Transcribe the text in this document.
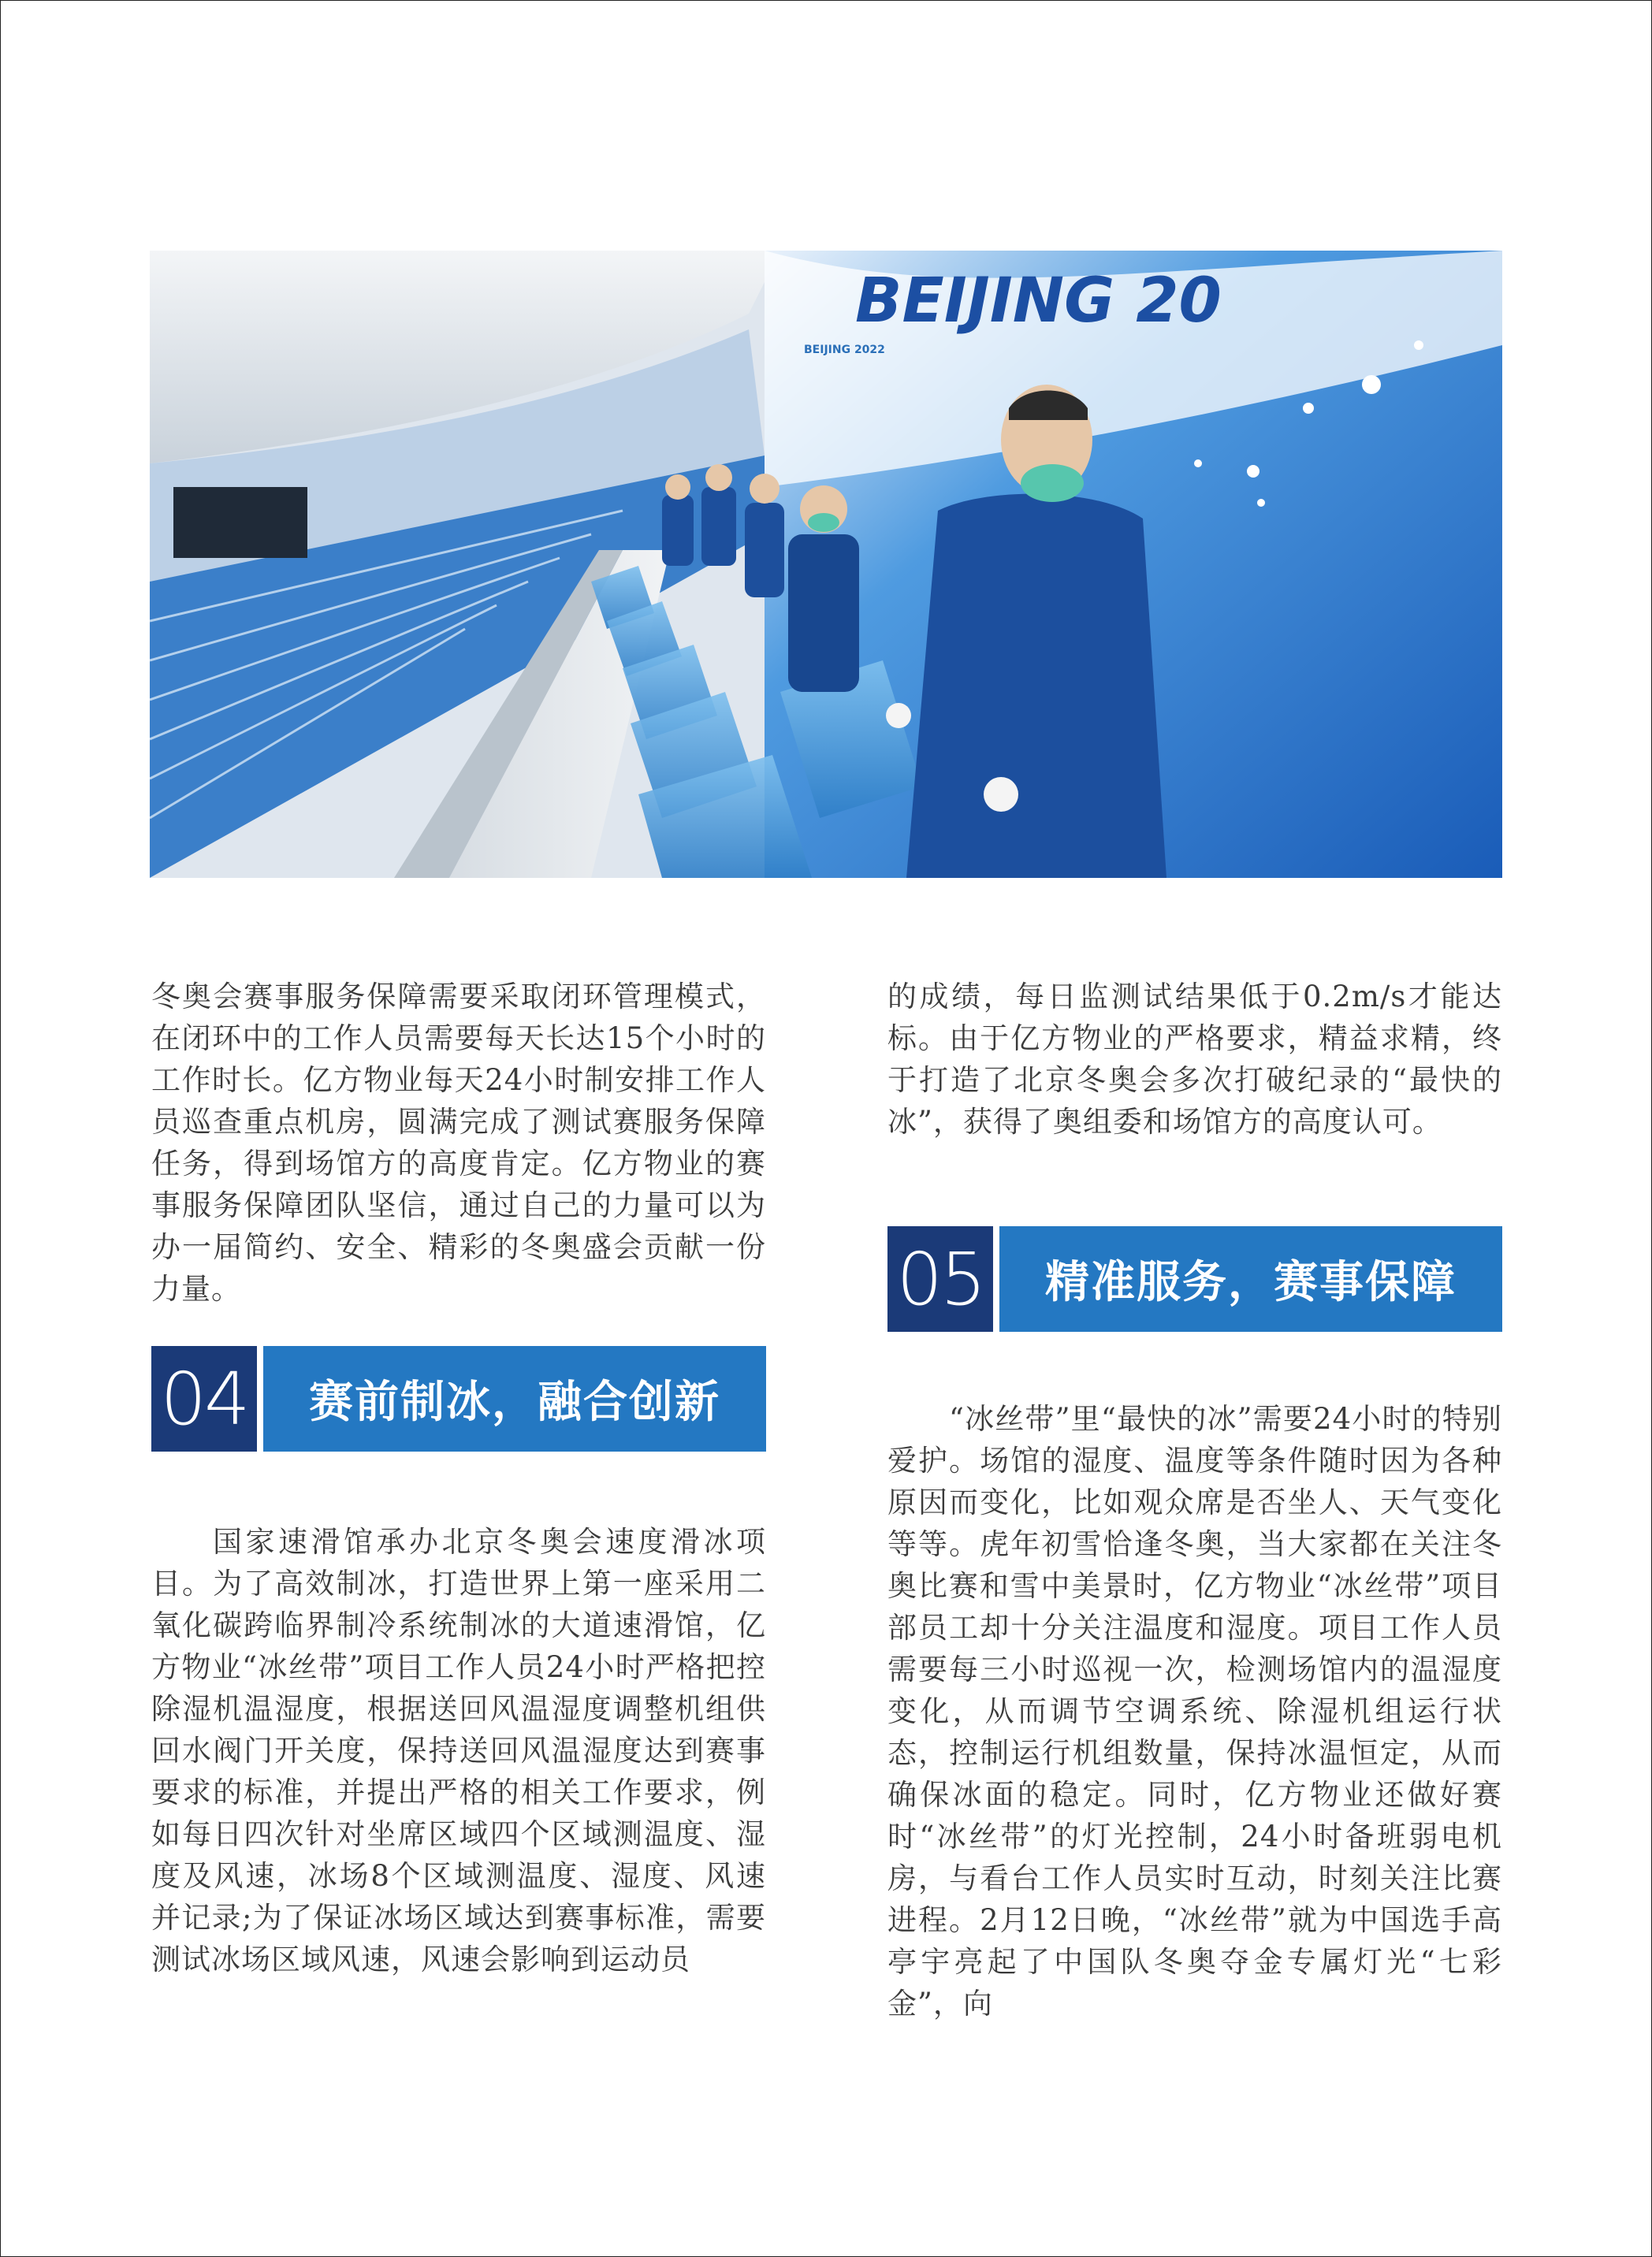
BEIJING 20
BEIJING 2022

冬奥会赛事服务保障需要采取闭环管理模式，在闭环中的工作人员需要每天长达15个小时的工作时长。亿方物业每天24小时制安排工作人员巡查重点机房，圆满完成了测试赛服务保障任务，得到场馆方的高度肯定。亿方物业的赛事服务保障团队坚信，通过自己的力量可以为办一届简约、安全、精彩的冬奥盛会贡献一份力量。

04	赛前制冰，融合创新

国家速滑馆承办北京冬奥会速度滑冰项目。为了高效制冰，打造世界上第一座采用二氧化碳跨临界制冷系统制冰的大道速滑馆，亿方物业“冰丝带”项目工作人员24小时严格把控除湿机温湿度，根据送回风温湿度调整机组供回水阀门开关度，保持送回风温湿度达到赛事要求的标准，并提出严格的相关工作要求，例如每日四次针对坐席区域四个区域测温度、湿度及风速，冰场8个区域测温度、湿度、风速并记录;为了保证冰场区域达到赛事标准，需要测试冰场区域风速，风速会影响到运动员

的成绩，每日监测试结果低于0.2m/s才能达标。由于亿方物业的严格要求，精益求精，终于打造了北京冬奥会多次打破纪录的“最快的冰”，获得了奥组委和场馆方的高度认可。

05	精准服务，赛事保障

“冰丝带”里“最快的冰”需要24小时的特别爱护。场馆的湿度、温度等条件随时因为各种原因而变化，比如观众席是否坐人、天气变化等等。虎年初雪恰逢冬奥，当大家都在关注冬奥比赛和雪中美景时，亿方物业“冰丝带”项目部员工却十分关注温度和湿度。项目工作人员需要每三小时巡视一次，检测场馆内的温湿度变化，从而调节空调系统、除湿机组运行状态，控制运行机组数量，保持冰温恒定，从而确保冰面的稳定。同时，亿方物业还做好赛时“冰丝带”的灯光控制，24小时备班弱电机房，与看台工作人员实时互动，时刻关注比赛进程。2月12日晚，“冰丝带”就为中国选手高亭宇亮起了中国队冬奥夺金专属灯光“七彩金”，向
